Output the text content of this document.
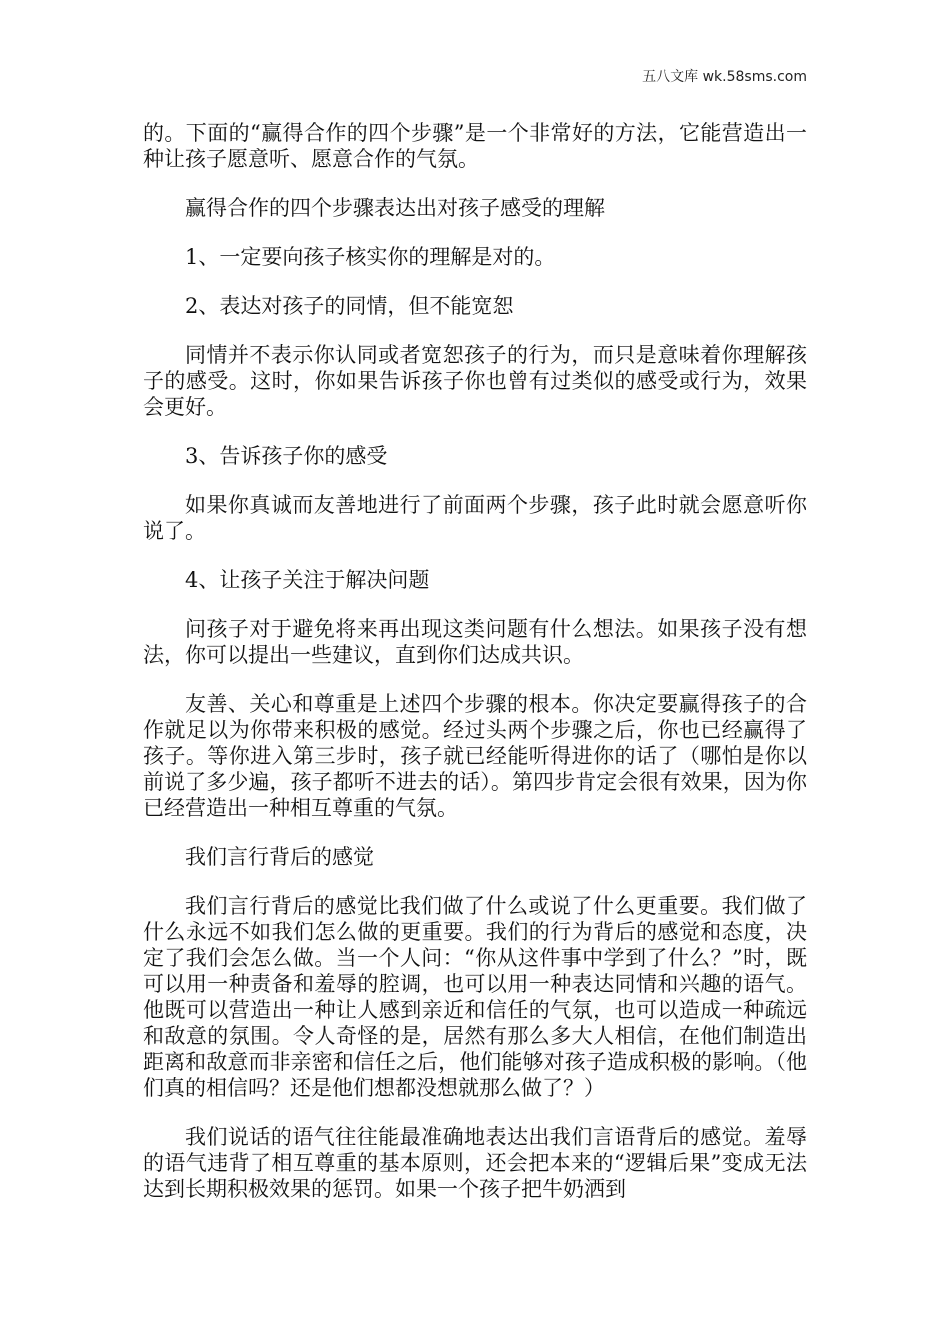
五八文库 wk.58sms.com

的。下面的“赢得合作的四个步骤”是一个非常好的方法，它能营造出一种让孩子愿意听、愿意合作的气氛。

赢得合作的四个步骤表达出对孩子感受的理解

1、一定要向孩子核实你的理解是对的。

2、表达对孩子的同情，但不能宽恕

同情并不表示你认同或者宽恕孩子的行为，而只是意味着你理解孩子的感受。这时，你如果告诉孩子你也曾有过类似的感受或行为，效果会更好。

3、告诉孩子你的感受

如果你真诚而友善地进行了前面两个步骤，孩子此时就会愿意听你说了。

4、让孩子关注于解决问题

问孩子对于避免将来再出现这类问题有什么想法。如果孩子没有想法，你可以提出一些建议，直到你们达成共识。

友善、关心和尊重是上述四个步骤的根本。你决定要赢得孩子的合作就足以为你带来积极的感觉。经过头两个步骤之后，你也已经赢得了孩子。等你进入第三步时，孩子就已经能听得进你的话了（哪怕是你以前说了多少遍，孩子都听不进去的话）。第四步肯定会很有效果，因为你已经营造出一种相互尊重的气氛。

我们言行背后的感觉

我们言行背后的感觉比我们做了什么或说了什么更重要。我们做了什么永远不如我们怎么做的更重要。我们的行为背后的感觉和态度，决定了我们会怎么做。当一个人问：“你从这件事中学到了什么？”时，既可以用一种责备和羞辱的腔调，也可以用一种表达同情和兴趣的语气。他既可以营造出一种让人感到亲近和信任的气氛，也可以造成一种疏远和敌意的氛围。令人奇怪的是，居然有那么多大人相信，在他们制造出距离和敌意而非亲密和信任之后，他们能够对孩子造成积极的影响。（他们真的相信吗？还是他们想都没想就那么做了？）

我们说话的语气往往能最准确地表达出我们言语背后的感觉。羞辱的语气违背了相互尊重的基本原则，还会把本来的“逻辑后果”变成无法达到长期积极效果的惩罚。如果一个孩子把牛奶洒到
